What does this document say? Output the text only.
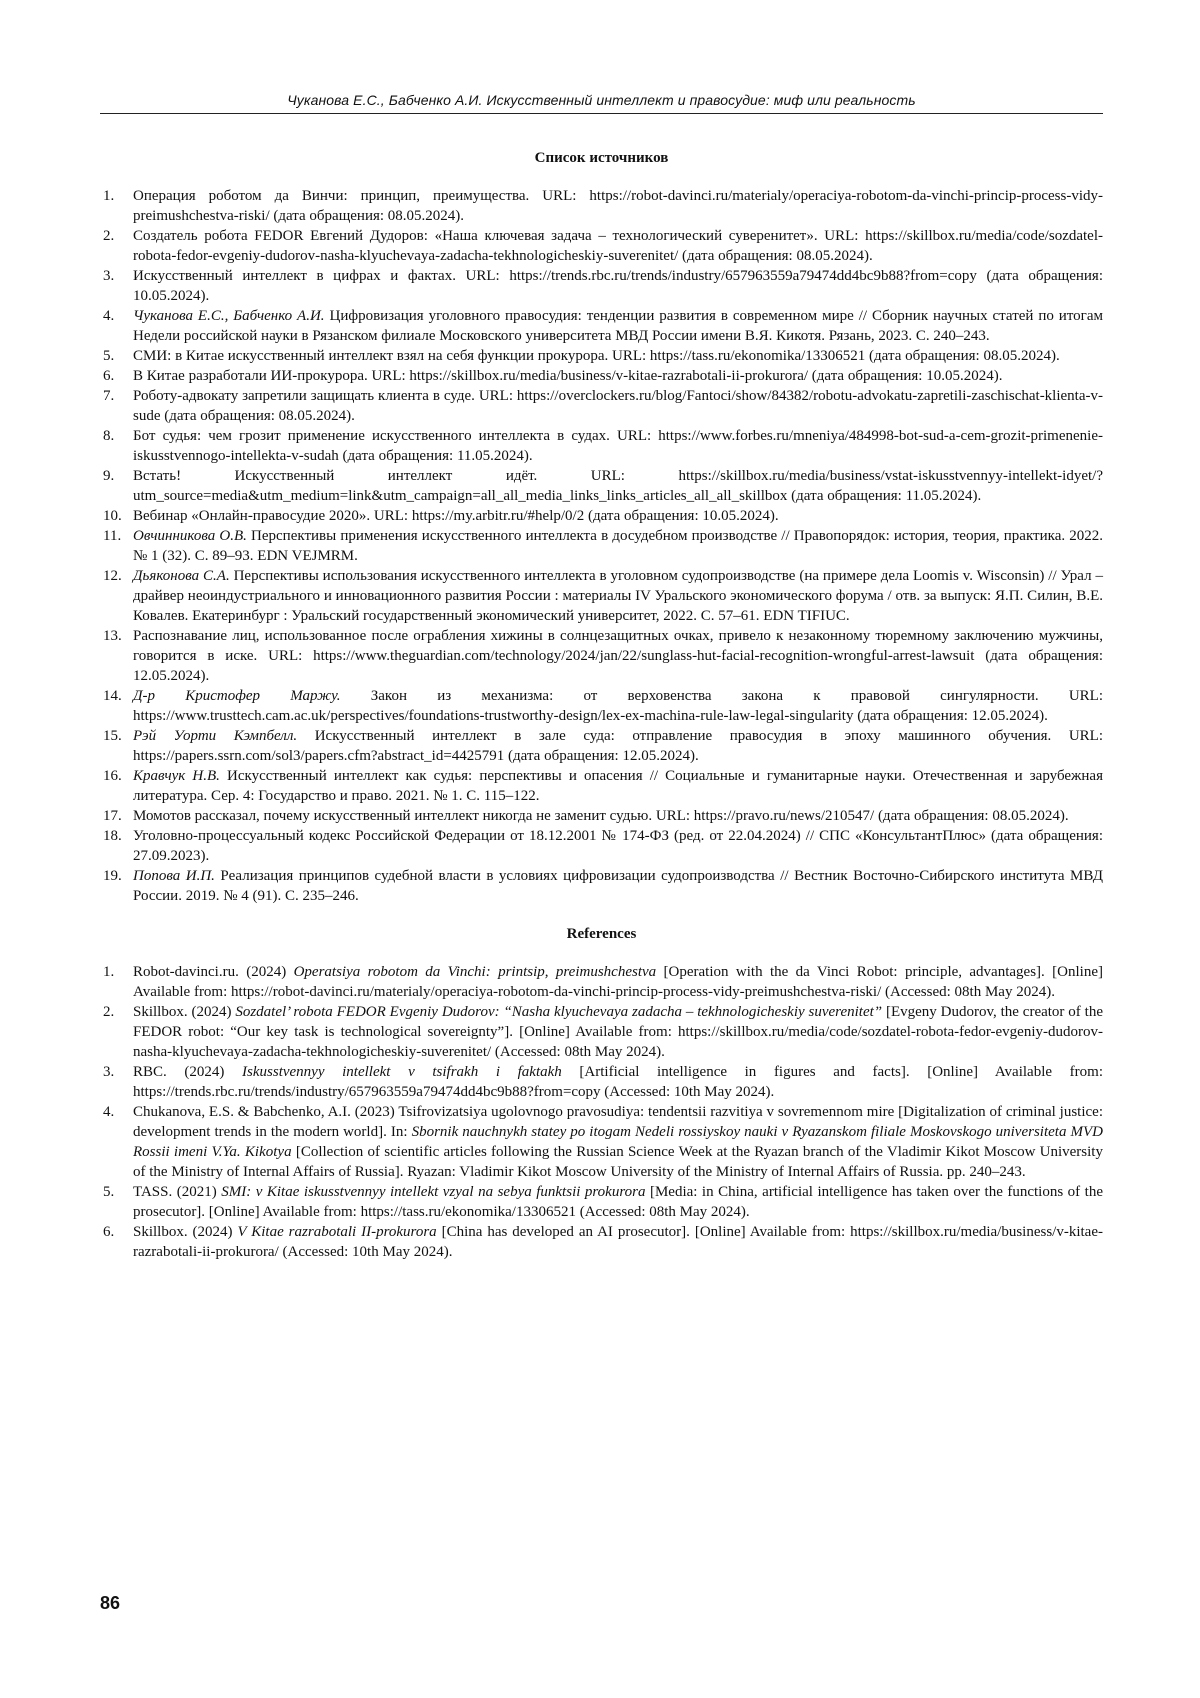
Чуканова Е.С., Бабченко А.И. Искусственный интеллект и правосудие: миф или реальность
Список источников
1. Операция роботом да Винчи: принцип, преимущества. URL: https://robot-davinci.ru/materialy/operaciya-robotom-da-vinchi-princip-process-vidy-preimushchestva-riski/ (дата обращения: 08.05.2024).
2. Создатель робота FEDOR Евгений Дудоров: «Наша ключевая задача – технологический суверенитет». URL: https://skillbox.ru/media/code/sozdatel-robota-fedor-evgeniy-dudorov-nasha-klyuchevaya-zadacha-tekhnologicheskiy-suverenitet/ (дата обращения: 08.05.2024).
3. Искусственный интеллект в цифрах и фактах. URL: https://trends.rbc.ru/trends/industry/657963559a79474dd4bc9b88?from=copy (дата обращения: 10.05.2024).
4. Чуканова Е.С., Бабченко А.И. Цифровизация уголовного правосудия: тенденции развития в современном мире // Сборник научных статей по итогам Недели российской науки в Рязанском филиале Московского университета МВД России имени В.Я. Кикотя. Рязань, 2023. С. 240–243.
5. СМИ: в Китае искусственный интеллект взял на себя функции прокурора. URL: https://tass.ru/ekonomika/13306521 (дата обращения: 08.05.2024).
6. В Китае разработали ИИ-прокурора. URL: https://skillbox.ru/media/business/v-kitae-razrabotali-ii-prokurora/ (дата обращения: 10.05.2024).
7. Роботу-адвокату запретили защищать клиента в суде. URL: https://overclockers.ru/blog/Fantoci/show/84382/robotu-advokatu-zapretili-zaschischat-klienta-v-sude (дата обращения: 08.05.2024).
8. Бот судья: чем грозит применение искусственного интеллекта в судах. URL: https://www.forbes.ru/mneniya/484998-bot-sud-a-cem-grozit-primenenie-iskusstvennogo-intellekta-v-sudah (дата обращения: 11.05.2024).
9. Встать! Искусственный интеллект идёт. URL: https://skillbox.ru/media/business/vstat-iskusstvennyy-intellekt-idyet/?utm_source=media&utm_medium=link&utm_campaign=all_all_media_links_links_articles_all_all_skillbox (дата обращения: 11.05.2024).
10. Вебинар «Онлайн-правосудие 2020». URL: https://my.arbitr.ru/#help/0/2 (дата обращения: 10.05.2024).
11. Овчинникова О.В. Перспективы применения искусственного интеллекта в досудебном производстве // Правопорядок: история, теория, практика. 2022. № 1 (32). С. 89–93. EDN VEJMRM.
12. Дьяконова С.А. Перспективы использования искусственного интеллекта в уголовном судопроизводстве (на примере дела Loomis v. Wisconsin) // Урал – драйвер неоиндустриального и инновационного развития России : материалы IV Уральского экономического форума / отв. за выпуск: Я.П. Силин, В.Е. Ковалев. Екатеринбург : Уральский государственный экономический университет, 2022. С. 57–61. EDN TIFIUC.
13. Распознавание лиц, использованное после ограбления хижины в солнцезащитных очках, привело к незаконному тюремному заключению мужчины, говорится в иске. URL: https://www.theguardian.com/technology/2024/jan/22/sunglass-hut-facial-recognition-wrongful-arrest-lawsuit (дата обращения: 12.05.2024).
14. Д-р Кристофер Маржу. Закон из механизма: от верховенства закона к правовой сингулярности. URL: https://www.trusttech.cam.ac.uk/perspectives/foundations-trustworthy-design/lex-ex-machina-rule-law-legal-singularity (дата обращения: 12.05.2024).
15. Рэй Уорти Кэмпбелл. Искусственный интеллект в зале суда: отправление правосудия в эпоху машинного обучения. URL: https://papers.ssrn.com/sol3/papers.cfm?abstract_id=4425791 (дата обращения: 12.05.2024).
16. Кравчук Н.В. Искусственный интеллект как судья: перспективы и опасения // Социальные и гуманитарные науки. Отечественная и зарубежная литература. Сер. 4: Государство и право. 2021. № 1. С. 115–122.
17. Момотов рассказал, почему искусственный интеллект никогда не заменит судью. URL: https://pravo.ru/news/210547/ (дата обращения: 08.05.2024).
18. Уголовно-процессуальный кодекс Российской Федерации от 18.12.2001 № 174-ФЗ (ред. от 22.04.2024) // СПС «КонсультантПлюс» (дата обращения: 27.09.2023).
19. Попова И.П. Реализация принципов судебной власти в условиях цифровизации судопроизводства // Вестник Восточно-Сибирского института МВД России. 2019. № 4 (91). С. 235–246.
References
1. Robot-davinci.ru. (2024) Operatsiya robotom da Vinchi: printsip, preimushchestva [Operation with the da Vinci Robot: principle, advantages]. [Online] Available from: https://robot-davinci.ru/materialy/operaciya-robotom-da-vinchi-princip-process-vidy-preimushchestva-riski/ (Accessed: 08th May 2024).
2. Skillbox. (2024) Sozdatel’ robota FEDOR Evgeniy Dudorov: “Nasha klyuchevaya zadacha – tekhnologicheskiy suverenitet” [Evgeny Dudorov, the creator of the FEDOR robot: “Our key task is technological sovereignty”]. [Online] Available from: https://skillbox.ru/media/code/sozdatel-robota-fedor-evgeniy-dudorov-nasha-klyuchevaya-zadacha-tekhnologicheskiy-suverenitet/ (Accessed: 08th May 2024).
3. RBC. (2024) Iskusstvennyy intellekt v tsifrakh i faktakh [Artificial intelligence in figures and facts]. [Online] Available from: https://trends.rbc.ru/trends/industry/657963559a79474dd4bc9b88?from=copy (Accessed: 10th May 2024).
4. Chukanova, E.S. & Babchenko, A.I. (2023) Tsifrovizatsiya ugolovnogo pravosudiya: tendentsii razvitiya v sovremennom mire [Digitalization of criminal justice: development trends in the modern world]. In: Sbornik nauchnykh statey po itogam Nedeli rossiyskoy nauki v Ryazanskom filiale Moskovskogo universiteta MVD Rossii imeni V.Ya. Kikotya [Collection of scientific articles following the Russian Science Week at the Ryazan branch of the Vladimir Kikot Moscow University of the Ministry of Internal Affairs of Russia]. Ryazan: Vladimir Kikot Moscow University of the Ministry of Internal Affairs of Russia. pp. 240–243.
5. TASS. (2021) SMI: v Kitae iskusstvennyy intellekt vzyal na sebya funktsii prokurora [Media: in China, artificial intelligence has taken over the functions of the prosecutor]. [Online] Available from: https://tass.ru/ekonomika/13306521 (Accessed: 08th May 2024).
6. Skillbox. (2024) V Kitae razrabotali II-prokurora [China has developed an AI prosecutor]. [Online] Available from: https://skillbox.ru/media/business/v-kitae-razrabotali-ii-prokurora/ (Accessed: 10th May 2024).
86
